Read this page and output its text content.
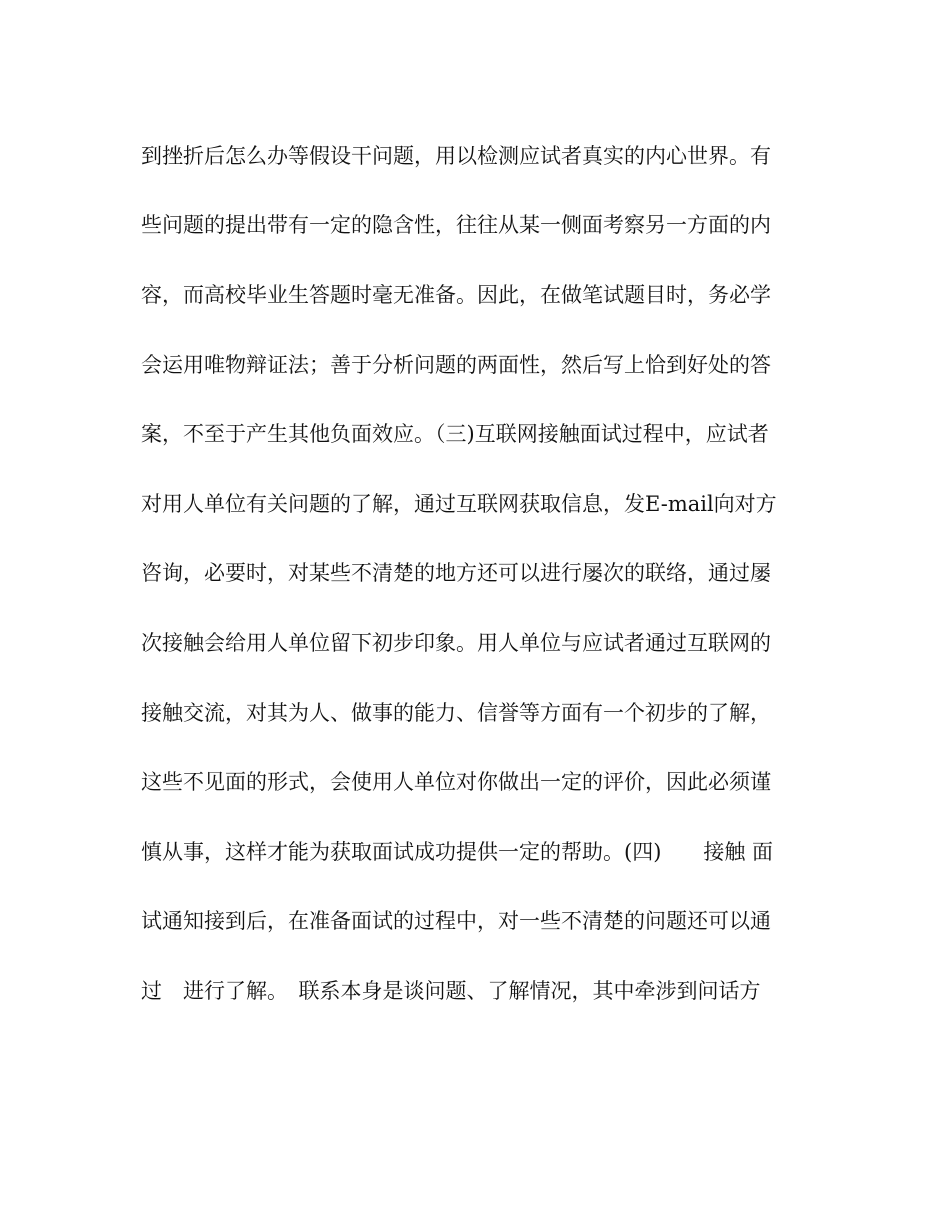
到挫折后怎么办等假设干问题，用以检测应试者真实的内心世界。有
些问题的提出带有一定的隐含性，往往从某一侧面考察另一方面的内
容，而高校毕业生答题时毫无准备。因此，在做笔试题目时，务必学
会运用唯物辩证法；善于分析问题的两面性，然后写上恰到好处的答
案，不至于产生其他负面效应。（三)互联网接触面试过程中，应试者
对用人单位有关问题的了解，通过互联网获取信息，发E-mail向对方
咨询，必要时，对某些不清楚的地方还可以进行屡次的联络，通过屡
次接触会给用人单位留下初步印象。用人单位与应试者通过互联网的
接触交流，对其为人、做事的能力、信誉等方面有一个初步的了解，
这些不见面的形式，会使用人单位对你做出一定的评价，因此必须谨
慎从事，这样才能为获取面试成功提供一定的帮助。(四)　　接触 面
试通知接到后，在准备面试的过程中，对一些不清楚的问题还可以通
过　进行了解。　联系本身是谈问题、了解情况，其中牵涉到问话方
